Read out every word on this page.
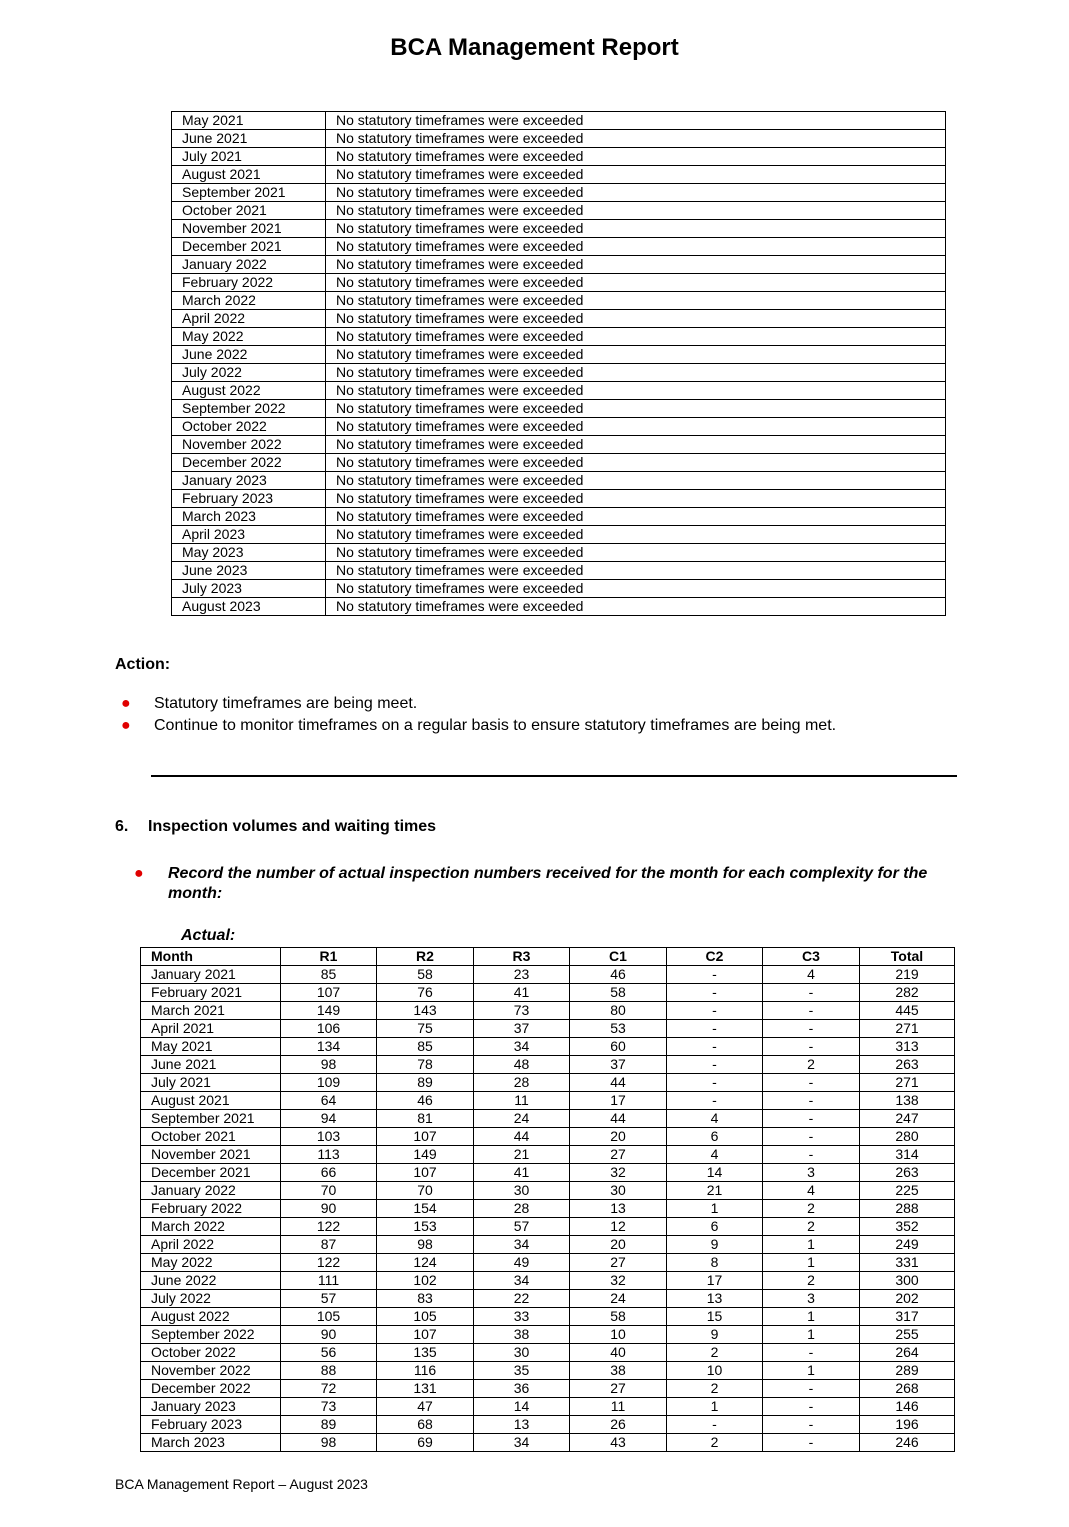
BCA Management Report
May 2021	No statutory timeframes were exceeded
June 2021	No statutory timeframes were exceeded
July 2021	No statutory timeframes were exceeded
August 2021	No statutory timeframes were exceeded
September 2021	No statutory timeframes were exceeded
October 2021	No statutory timeframes were exceeded
November 2021	No statutory timeframes were exceeded
December 2021	No statutory timeframes were exceeded
January 2022	No statutory timeframes were exceeded
February 2022	No statutory timeframes were exceeded
March 2022	No statutory timeframes were exceeded
April 2022	No statutory timeframes were exceeded
May 2022	No statutory timeframes were exceeded
June 2022	No statutory timeframes were exceeded
July 2022	No statutory timeframes were exceeded
August 2022	No statutory timeframes were exceeded
September 2022	No statutory timeframes were exceeded
October 2022	No statutory timeframes were exceeded
November 2022	No statutory timeframes were exceeded
December 2022	No statutory timeframes were exceeded
January 2023	No statutory timeframes were exceeded
February 2023	No statutory timeframes were exceeded
March 2023	No statutory timeframes were exceeded
April 2023	No statutory timeframes were exceeded
May 2023	No statutory timeframes were exceeded
June 2023	No statutory timeframes were exceeded
July 2023	No statutory timeframes were exceeded
August 2023	No statutory timeframes were exceeded
Action:
● Statutory timeframes are being meet.
● Continue to monitor timeframes on a regular basis to ensure statutory timeframes are being met.
6. Inspection volumes and waiting times
●	Record the number of actual inspection numbers received for the month for each complexity for the month:
Actual:
Month	R1	R2	R3	C1	C2	C3	Total
January 2021	85	58	23	46	-	4	219
February 2021	107	76	41	58	-	-	282
March 2021	149	143	73	80	-	-	445
April 2021	106	75	37	53	-	-	271
May 2021	134	85	34	60	-	-	313
June 2021	98	78	48	37	-	2	263
July 2021	109	89	28	44	-	-	271
August 2021	64	46	11	17	-	-	138
September 2021	94	81	24	44	4	-	247
October 2021	103	107	44	20	6	-	280
November 2021	113	149	21	27	4	-	314
December 2021	66	107	41	32	14	3	263
January 2022	70	70	30	30	21	4	225
February 2022	90	154	28	13	1	2	288
March 2022	122	153	57	12	6	2	352
April 2022	87	98	34	20	9	1	249
May 2022	122	124	49	27	8	1	331
June 2022	111	102	34	32	17	2	300
July 2022	57	83	22	24	13	3	202
August 2022	105	105	33	58	15	1	317
September 2022	90	107	38	10	9	1	255
October 2022	56	135	30	40	2	-	264
November 2022	88	116	35	38	10	1	289
December 2022	72	131	36	27	2	-	268
January 2023	73	47	14	11	1	-	146
February 2023	89	68	13	26	-	-	196
March 2023	98	69	34	43	2	-	246
BCA Management Report – August 2023
